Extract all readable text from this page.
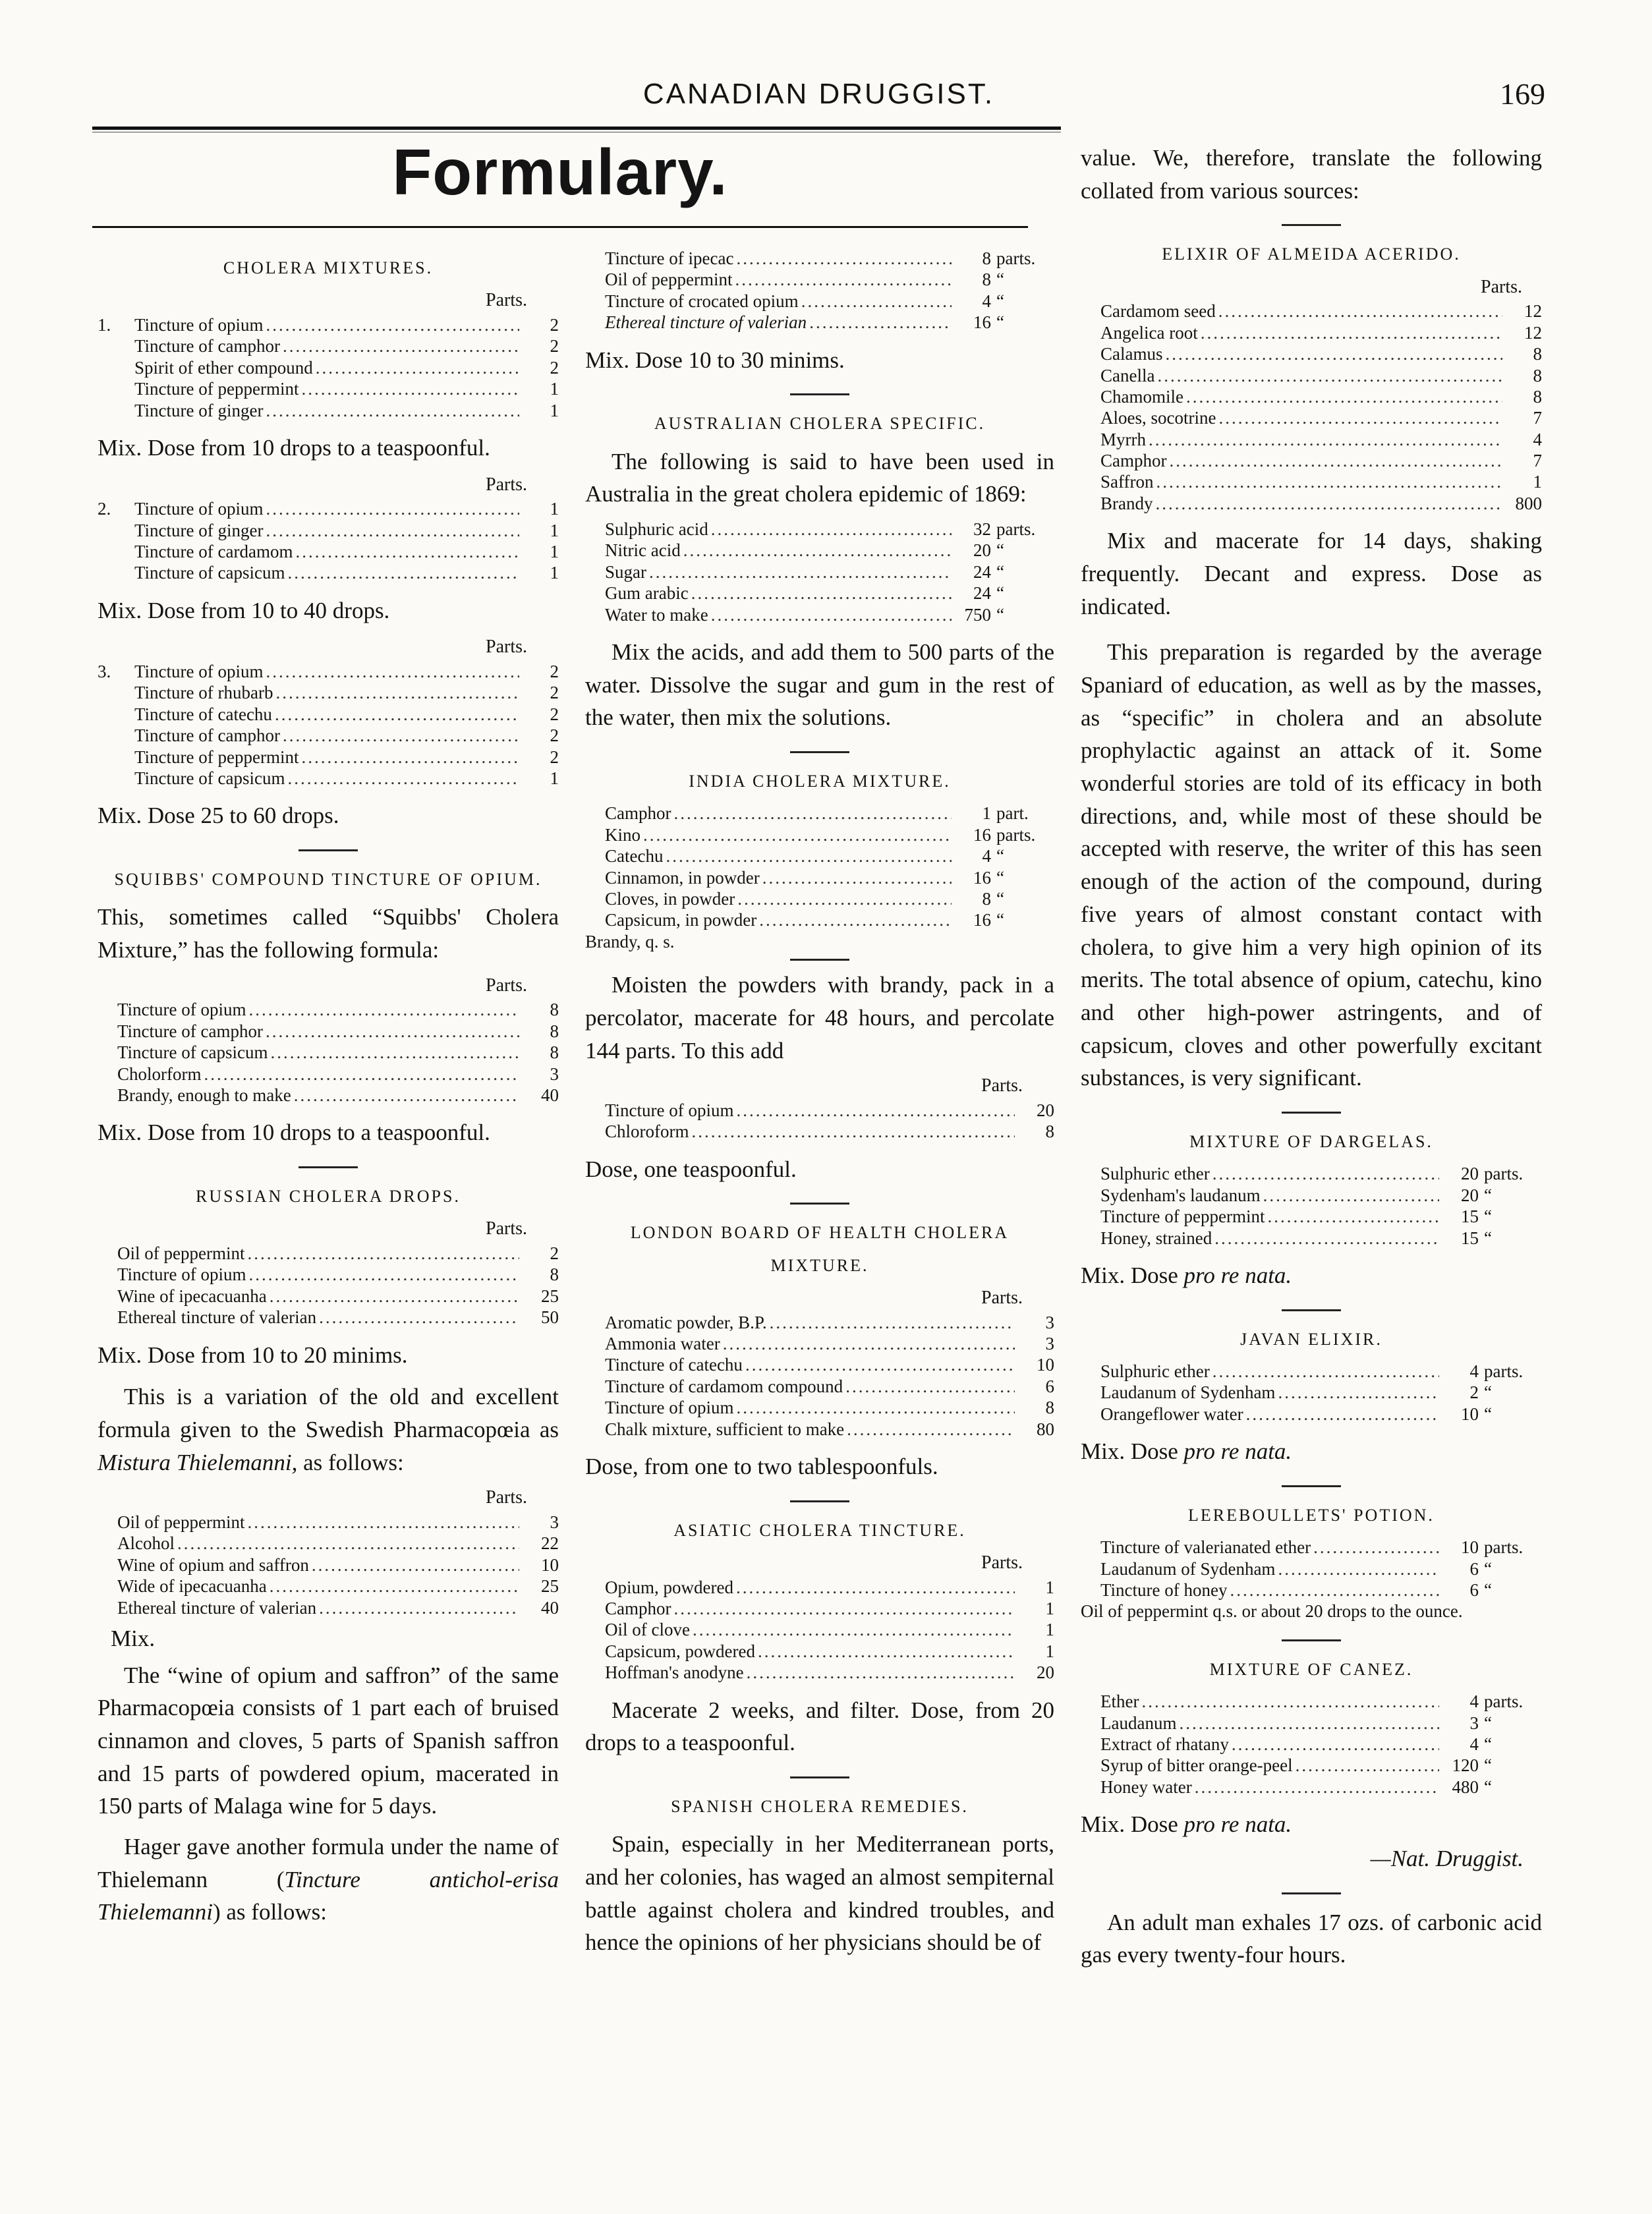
CANADIAN DRUGGIST.	169
Formulary.
CHOLERA MIXTURES.
Parts.
1.	Tincture of opium .....	2
Tincture of camphor .....	2
Spirit of ether compound .....	2
Tincture of peppermint .....	1
Tincture of ginger .....	1
Mix. Dose from 10 drops to a teaspoonful.
Parts.
2.	Tincture of opium .....	1
Tincture of ginger .....	1
Tincture of cardamom .....	1
Tincture of capsicum .....	1
Mix. Dose from 10 to 40 drops.
Parts.
3.	Tincture of opium .....	2
Tincture of rhubarb .....	2
Tincture of catechu .....	2
Tincture of camphor .....	2
Tincture of peppermint .....	2
Tincture of capsicum .....	1
Mix. Dose 25 to 60 drops.
SQUIBBS' COMPOUND TINCTURE OF OPIUM.
This, sometimes called “Squibbs' Cholera Mixture,” has the following formula:
Parts.
Tincture of opium .....	8
Tincture of camphor .....	8
Tincture of capsicum .....	8
Cholorform .....	3
Brandy, enough to make .....	40
Mix. Dose from 10 drops to a teaspoonful.
RUSSIAN CHOLERA DROPS.
Parts.
Oil of peppermint .....	2
Tincture of opium .....	8
Wine of ipecacuanha .....	25
Ethereal tincture of valerian .....	50
Mix. Dose from 10 to 20 minims.
This is a variation of the old and excellent formula given to the Swedish Pharmacopœia as Mistura Thielemanni, as follows:
Parts.
Oil of peppermint .....	3
Alcohol .....	22
Wine of opium and saffron .....	10
Wide of ipecacuanha .....	25
Ethereal tincture of valerian .....	40
Mix.
The “wine of opium and saffron” of the same Pharmacopœia consists of 1 part each of bruised cinnamon and cloves, 5 parts of Spanish saffron and 15 parts of powdered opium, macerated in 150 parts of Malaga wine for 5 days.
Hager gave another formula under the name of Thielemann (Tincture antichol-erisa Thielemanni) as follows:
Tincture of ipecac .....	8 parts.
Oil of peppermint .....	8 “
Tincture of crocated opium .....	4 “
Ethereal tincture of valerian .....	16 “
Mix. Dose 10 to 30 minims.
AUSTRALIAN CHOLERA SPECIFIC.
The following is said to have been used in Australia in the great cholera epidemic of 1869:
Sulphuric acid .....	32 parts.
Nitric acid .....	20 “
Sugar .....	24 “
Gum arabic .....	24 “
Water to make .....	750 “
Mix the acids, and add them to 500 parts of the water. Dissolve the sugar and gum in the rest of the water, then mix the solutions.
INDIA CHOLERA MIXTURE.
Camphor .....	1 part.
Kino .....	16 parts.
Catechu .....	4 “
Cinnamon, in powder .....	16 “
Cloves, in powder .....	8 “
Capsicum, in powder .....	16 “
Brandy, q. s.
Moisten the powders with brandy, pack in a percolator, macerate for 48 hours, and percolate 144 parts. To this add
Parts.
Tincture of opium .....	20
Chloroform .....	8
Dose, one teaspoonful.
LONDON BOARD OF HEALTH CHOLERA MIXTURE.
Parts.
Aromatic powder, B.P. .....	3
Ammonia water .....	3
Tincture of catechu .....	10
Tincture of cardamom compound .....	6
Tincture of opium .....	8
Chalk mixture, sufficient to make .....	80
Dose, from one to two tablespoonfuls.
ASIATIC CHOLERA TINCTURE.
Parts.
Opium, powdered .....	1
Camphor .....	1
Oil of clove .....	1
Capsicum, powdered .....	1
Hoffman's anodyne .....	20
Macerate 2 weeks, and filter. Dose, from 20 drops to a teaspoonful.
SPANISH CHOLERA REMEDIES.
Spain, especially in her Mediterranean ports, and her colonies, has waged an almost sempiternal battle against cholera and kindred troubles, and hence the opinions of her physicians should be of
value. We, therefore, translate the following collated from various sources:
ELIXIR OF ALMEIDA ACERIDO.
Parts.
Cardamom seed .....	12
Angelica root .....	12
Calamus .....	8
Canella .....	8
Chamomile .....	8
Aloes, socotrine .....	7
Myrrh .....	4
Camphor .....	7
Saffron .....	1
Brandy .....	800
Mix and macerate for 14 days, shaking frequently. Decant and express. Dose as indicated.
This preparation is regarded by the average Spaniard of education, as well as by the masses, as “specific” in cholera and an absolute prophylactic against an attack of it. Some wonderful stories are told of its efficacy in both directions, and, while most of these should be accepted with reserve, the writer of this has seen enough of the action of the compound, during five years of almost constant contact with cholera, to give him a very high opinion of its merits. The total absence of opium, catechu, kino and other high-power astringents, and of capsicum, cloves and other powerfully excitant substances, is very significant.
MIXTURE OF DARGELAS.
Sulphuric ether .....	20 parts.
Sydenham's laudanum .....	20 “
Tincture of peppermint .....	15 “
Honey, strained .....	15 “
Mix. Dose pro re nata.
JAVAN ELIXIR.
Sulphuric ether .....	4 parts.
Laudanum of Sydenham .....	2 “
Orangeflower water .....	10 “
Mix. Dose pro re nata.
LEREBOULLETS' POTION.
Tincture of valerianated ether .....	10 parts.
Laudanum of Sydenham .....	6 “
Tincture of honey .....	6 “
Oil of peppermint q.s. or about 20 drops to the ounce.
MIXTURE OF CANEZ.
Ether .....	4 parts.
Laudanum .....	3 “
Extract of rhatany .....	4 “
Syrup of bitter orange-peel .....	120 “
Honey water .....	480 “
Mix. Dose pro re nata.
—Nat. Druggist.
An adult man exhales 17 ozs. of carbonic acid gas every twenty-four hours.
